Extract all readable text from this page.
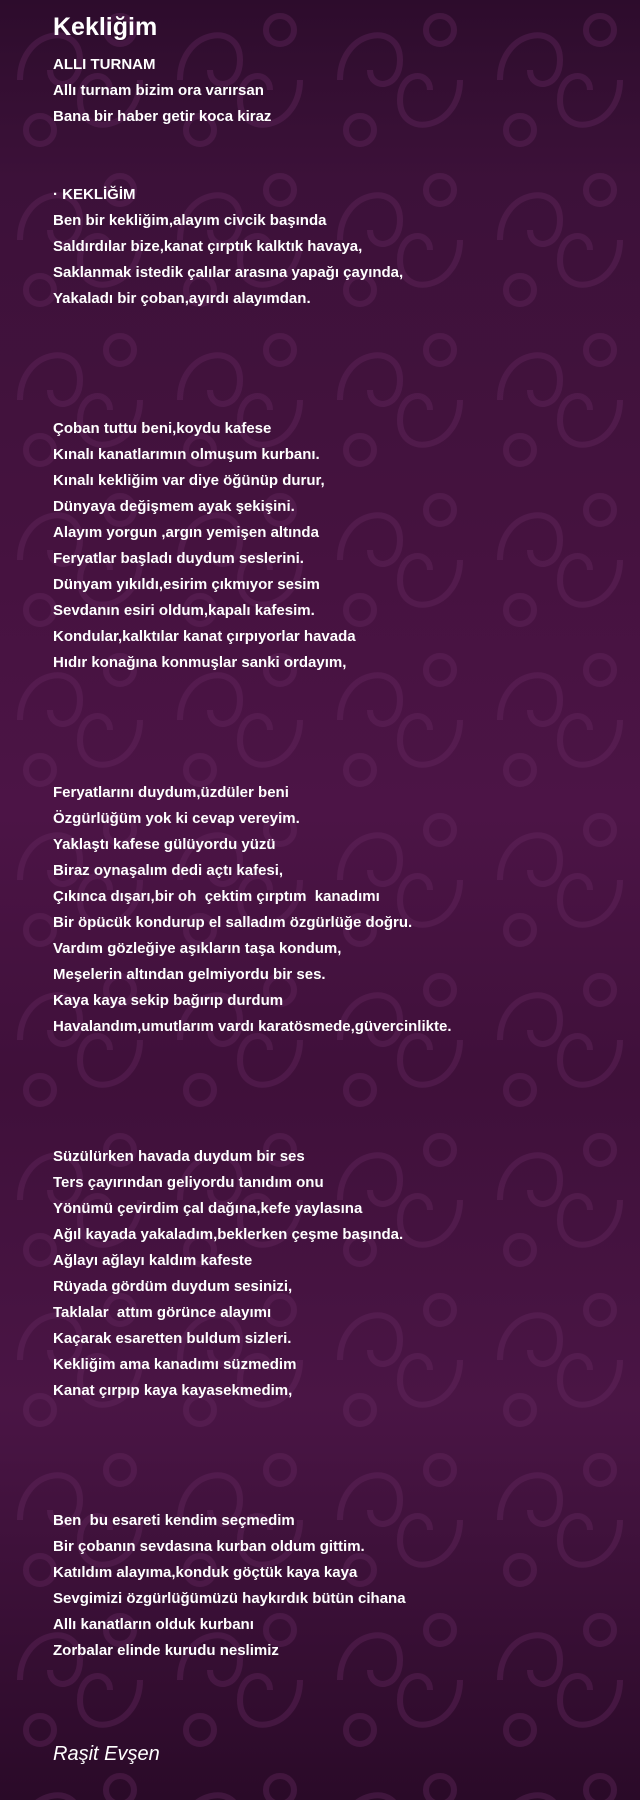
Kekliğim
ALLI TURNAM
Allı turnam bizim ora varırsan
Bana bir haber getir koca kiraz
· KEKLİĞİM
Ben bir kekliğim,alayım civcik başında
Saldırdılar bize,kanat çırptık kalktık havaya,
Saklanmak istedik çalılar arasına yapağı çayında,
Yakaladı bir çoban,ayırdı alayımdan.
Çoban tuttu beni,koydu kafese
Kınalı kanatlarımın olmuşum kurbanı.
Kınalı kekliğim var diye öğünüp durur,
Dünyaya değişmem ayak şekişini.
Alayım yorgun ,argın yemişen altında
Feryatlar başladı duydum seslerini.
Dünyam yıkıldı,esirim çıkmıyor sesim
Sevdanın esiri oldum,kapalı kafesim.
Kondular,kalktılar kanat çırpıyorlar havada
Hıdır konağına konmuşlar sanki ordayım,
Feryatlarını duydum,üzdüler beni
Özgürlüğüm yok ki cevap vereyim.
Yaklaştı kafese gülüyordu yüzü
Biraz oynaşalım dedi açtı kafesi,
Çıkınca dışarı,bir oh  çektim çırptım  kanadımı
Bir öpücük kondurup el salladım özgürlüğe doğru.
Vardım gözleğiye aşıkların taşa kondum,
Meşelerin altından gelmiyordu bir ses.
Kaya kaya sekip bağırıp durdum
Havalandım,umutlarım vardı karatösmede,güvercinlikte.
Süzülürken havada duydum bir ses
Ters çayırından geliyordu tanıdım onu
Yönümü çevirdim çal dağına,kefe yaylasına
Ağıl kayada yakaladım,beklerken çeşme başında.
Ağlayı ağlayı kaldım kafeste
Rüyada gördüm duydum sesinizi,
Taklalar  attım görünce alayımı
Kaçarak esaretten buldum sizleri.
Kekliğim ama kanadımı süzmedim
Kanat çırpıp kaya kayasekmedim,
Ben  bu esareti kendim seçmedim
Bir çobanın sevdasına kurban oldum gittim.
Katıldım alayıma,konduk göçtük kaya kaya
Sevgimizi özgürlüğümüzü haykırdık bütün cihana
Allı kanatların olduk kurbanı
Zorbalar elinde kurudu neslimiz
Raşit Evşen
